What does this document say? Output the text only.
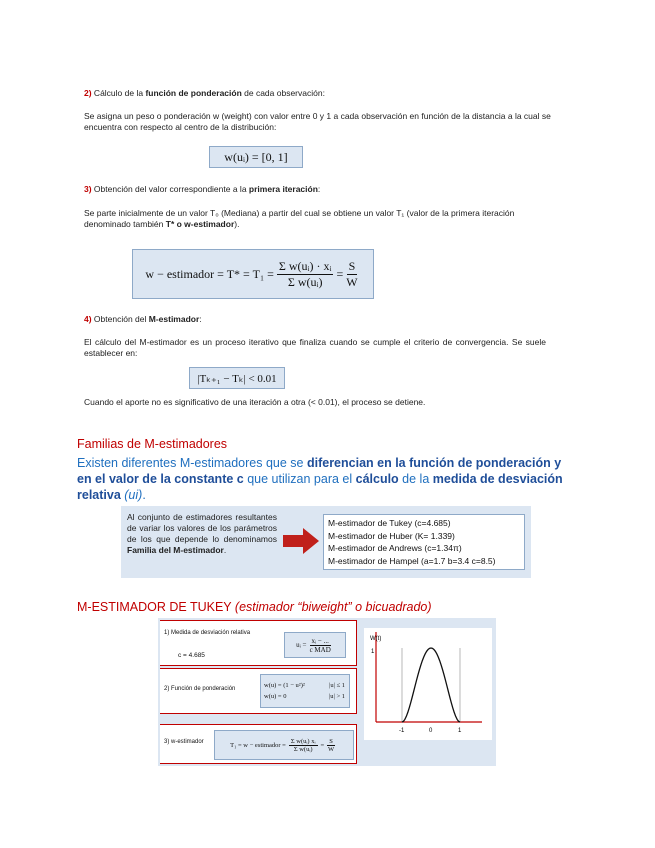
2) Cálculo de la función de ponderación de cada observación:
Se asigna un peso o ponderación w (weight) con valor entre 0 y 1 a cada observación en función de la distancia a la cual se encuentra con respecto al centro de la distribución:
w(uᵢ) = [0, 1]
3) Obtención del valor correspondiente a la primera iteración:
Se parte inicialmente de un valor T₀ (Mediana) a partir del cual se obtiene un valor T₁ (valor de la primera iteración denominado también T* o w-estimador).
w − estimador = $T* = T_1 = \frac{\text{Σ w(uᵢ) · xᵢ}}{\text{Σ w(uᵢ)}} = \frac{S}{W}$
4) Obtención del M-estimador:
El cálculo del M-estimador es un proceso iterativo que finaliza cuando se cumple el criterio de convergencia. Se suele establecer en:
|Tₖ₊₁ − Tₖ| < 0.01
Cuando el aporte no es significativo de una iteración a otra (< 0.01), el proceso se detiene.
Familias de M-estimadores
Existen diferentes M-estimadores que se diferencian en la función de ponderación y en el valor de la constante c que utilizan para el cálculo de la medida de desviación relativa (ui).
Al conjunto de estimadores resultantes de variar los valores de los parámetros de los que depende lo denominamos Familia del M-estimador.
M-estimador de Tukey (c=4.685)
M-estimador de Huber (K= 1.339)
M-estimador de Andrews (c=1.34π)
M-estimador de Hampel (a=1.7 b=3.4 c=8.5)
M-ESTIMADOR DE TUKEY (estimador “biweight” o bicuadrado)
1) Medida de desviación relativa
c = 4.685
uᵢ = $\frac{\text{xᵢ − ...}}{\text{c MAD}}$
2) Función de ponderación	w(u) = (1 − u²)²	|u| ≤ 1
w(u) = 0	|u| > 1
3) w-estimador	T₁ = w − estimador = $\frac{\text{Σ w(uᵢ) xᵢ}}{\text{Σ w(uᵢ)}} = \frac{S}{W}$
W(t)
1
-1	0	1
